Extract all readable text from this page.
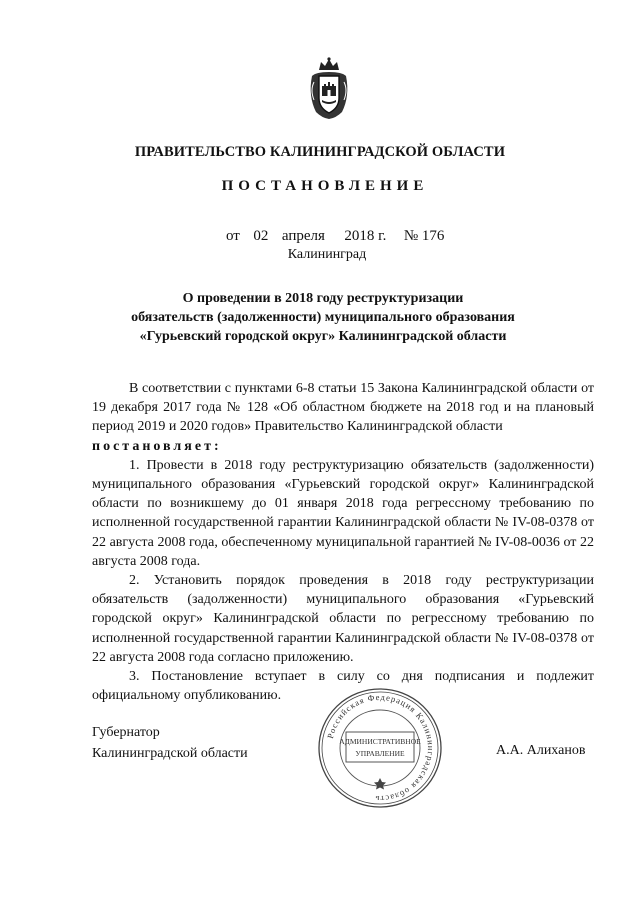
ПРАВИТЕЛЬСТВО КАЛИНИНГРАДСКОЙ ОБЛАСТИ
ПОСТАНОВЛЕНИЕ
от 02 апреля 2018 г. № 176
Калининград
О проведении в 2018 году реструктуризации
обязательств (задолженности) муниципального образования
«Гурьевский городской округ» Калининградской области

В соответствии с пунктами 6-8 статьи 15 Закона Калининградской области от 19 декабря 2017 года № 128 «Об областном бюджете на 2018 год и на плановый период 2019 и 2020 годов» Правительство Калининградской области
постановляет:

1. Провести в 2018 году реструктуризацию обязательств (задолженности) муниципального образования «Гурьевский городской округ» Калининградской области по возникшему до 01 января 2018 года регрессному требованию по исполненной государственной гарантии Калининградской области № IV-08-0378 от 22 августа 2008 года, обеспеченному муниципальной гарантией № IV-08-0036 от 22 августа 2008 года.

2. Установить порядок проведения в 2018 году реструктуризации обязательств (задолженности) муниципального образования «Гурьевский городской округ» Калининградской области по регрессному требованию по исполненной государственной гарантии Калининградской области № IV-08-0378 от 22 августа 2008 года согласно приложению.

3. Постановление вступает в силу со дня подписания и подлежит официальному опубликованию.

Губернатор
Калининградской области
Российская Федерация Калининградская область
АДМИНИСТРАТИВНОЕ
УПРАВЛЕНИЕ	А.А. Алиханов
